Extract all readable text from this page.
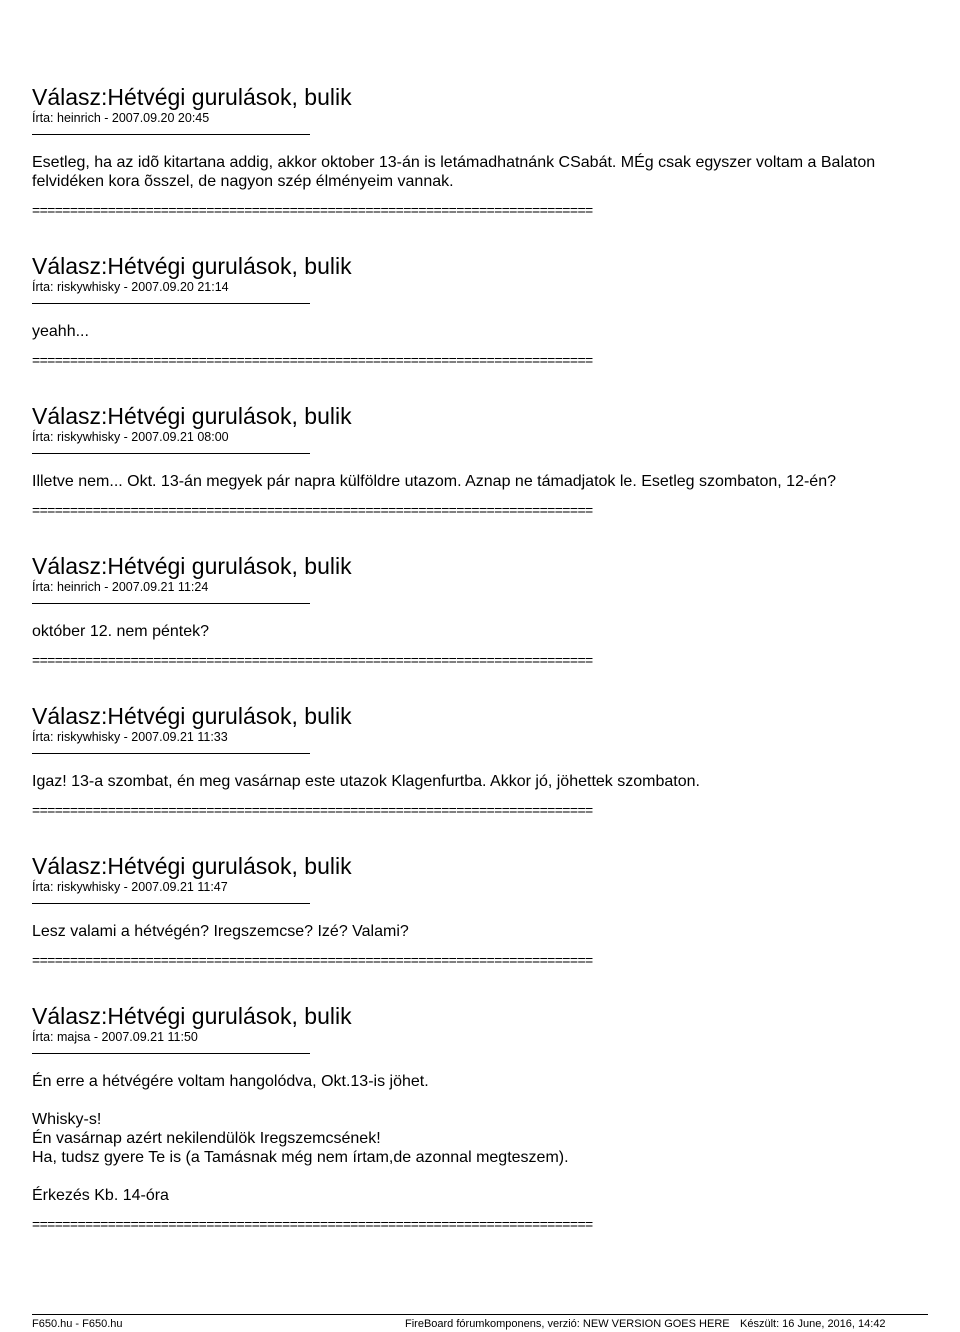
Válasz:Hétvégi gurulások, bulik
Írta: heinrich - 2007.09.20 20:45

Esetleg, ha az idõ kitartana addig, akkor oktober 13-án is letámadhatnánk CSabát. MÉg csak egyszer voltam a Balaton felvidéken kora õsszel, de nagyon szép élményeim vannak.

==========================================================================
Válasz:Hétvégi gurulások, bulik
Írta: riskywhisky - 2007.09.20 21:14

yeahh...

==========================================================================
Válasz:Hétvégi gurulások, bulik
Írta: riskywhisky - 2007.09.21 08:00

Illetve nem... Okt. 13-án megyek pár napra külföldre utazom. Aznap ne támadjatok le. Esetleg szombaton, 12-én?

==========================================================================
Válasz:Hétvégi gurulások, bulik
Írta: heinrich - 2007.09.21 11:24

október 12. nem péntek?

==========================================================================
Válasz:Hétvégi gurulások, bulik
Írta: riskywhisky - 2007.09.21 11:33

Igaz! 13-a szombat, én meg vasárnap este utazok Klagenfurtba. Akkor jó, jöhettek szombaton.

==========================================================================
Válasz:Hétvégi gurulások, bulik
Írta: riskywhisky - 2007.09.21 11:47

Lesz valami a hétvégén? Iregszemcse? Izé? Valami?

==========================================================================
Válasz:Hétvégi gurulások, bulik
Írta: majsa - 2007.09.21 11:50

Én erre a hétvégére voltam hangolódva, Okt.13-is jöhet.

Whisky-s!

Én vasárnap azért nekilendülök Iregszemcsének!

Ha, tudsz gyere Te is (a Tamásnak még nem írtam,de azonnal megteszem).

Érkezés Kb. 14-óra

==========================================================================
F650.hu - F650.hu	FireBoard fórumkomponens, verzió: NEW VERSION GOES HERE Készült: 16 June, 2016, 14:42
